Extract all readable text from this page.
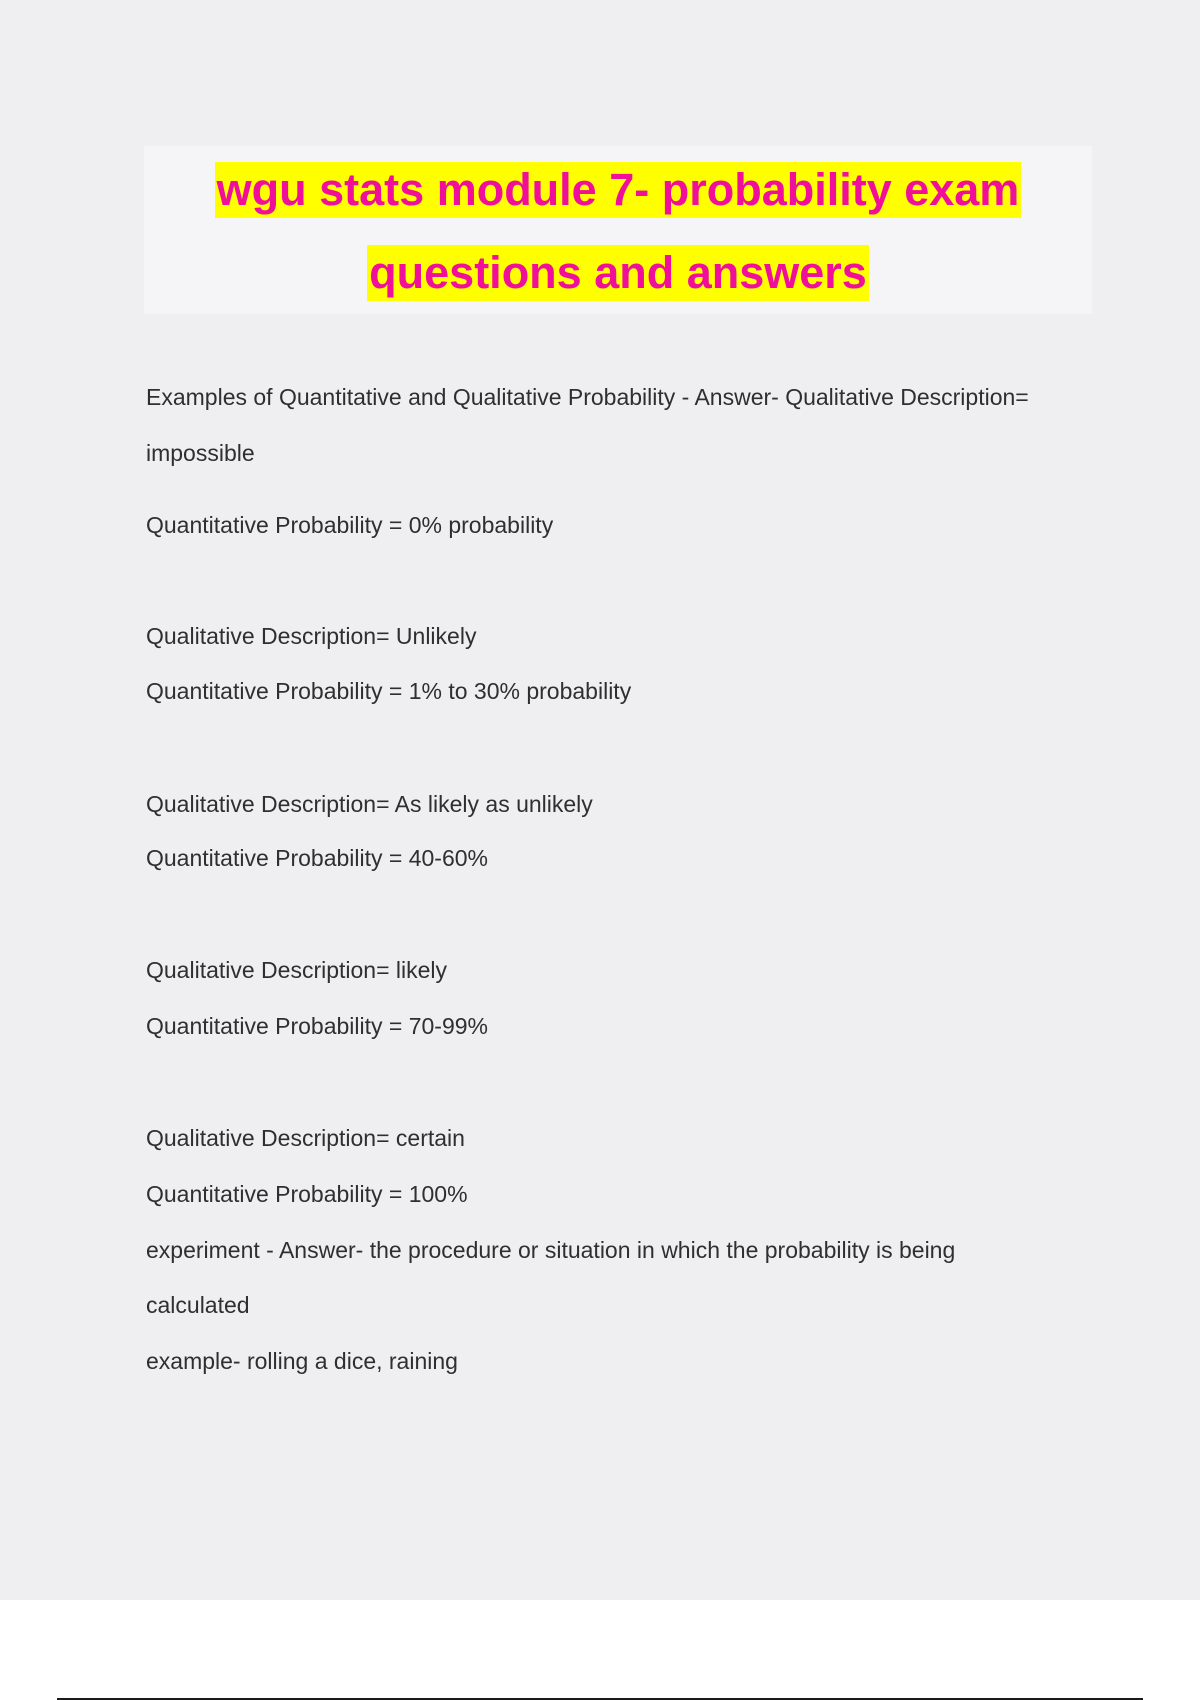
wgu stats module 7- probability exam
questions and answers
Examples of Quantitative and Qualitative Probability - Answer- Qualitative Description=
impossible
Quantitative Probability = 0% probability
Qualitative Description= Unlikely
Quantitative Probability = 1% to 30% probability
Qualitative Description= As likely as unlikely
Quantitative Probability = 40-60%
Qualitative Description= likely
Quantitative Probability = 70-99%
Qualitative Description= certain
Quantitative Probability = 100%
experiment - Answer- the procedure or situation in which the probability is being
calculated
example- rolling a dice, raining
